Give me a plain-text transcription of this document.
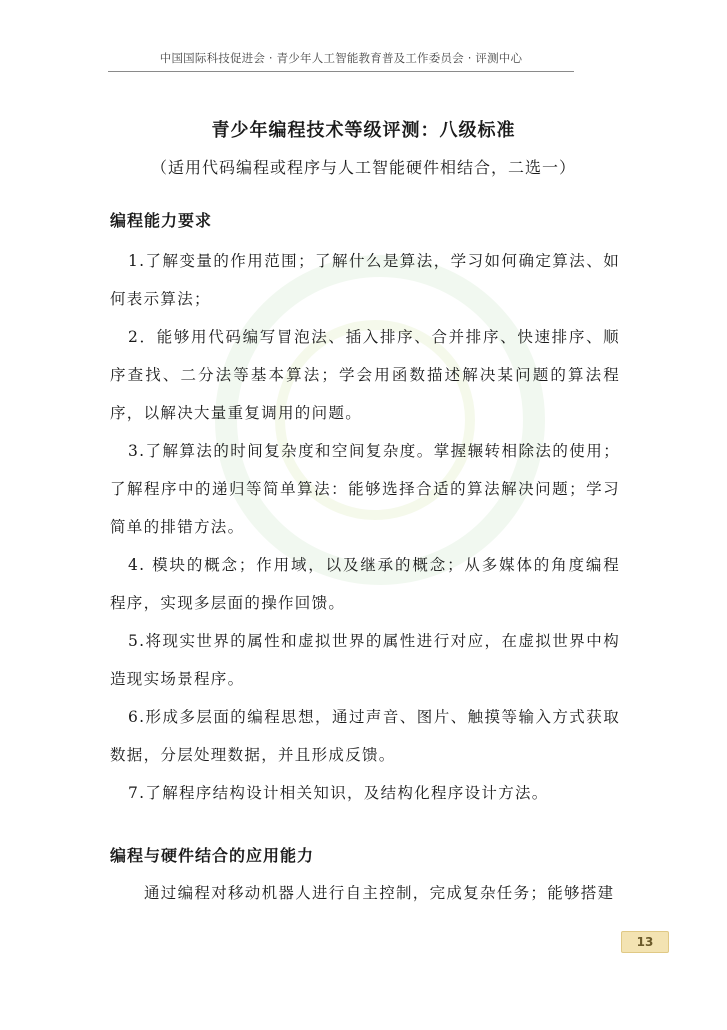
中国国际科技促进会 · 青少年人工智能教育普及工作委员会 · 评测中心
青少年编程技术等级评测：八级标准
（适用代码编程或程序与人工智能硬件相结合，二选一）
编程能力要求
1.了解变量的作用范围；了解什么是算法，学习如何确定算法、如何表示算法；
2．能够用代码编写冒泡法、插入排序、合并排序、快速排序、顺序查找、二分法等基本算法；学会用函数描述解决某问题的算法程序，以解决大量重复调用的问题。
3.了解算法的时间复杂度和空间复杂度。掌握辗转相除法的使用；了解程序中的递归等简单算法：能够选择合适的算法解决问题；学习简单的排错方法。
4. 模块的概念；作用域，以及继承的概念；从多媒体的角度编程程序，实现多层面的操作回馈。
5.将现实世界的属性和虚拟世界的属性进行对应，在虚拟世界中构造现实场景程序。
6.形成多层面的编程思想，通过声音、图片、触摸等输入方式获取数据，分层处理数据，并且形成反馈。
7.了解程序结构设计相关知识，及结构化程序设计方法。
编程与硬件结合的应用能力
通过编程对移动机器人进行自主控制，完成复杂任务；能够搭建
13
